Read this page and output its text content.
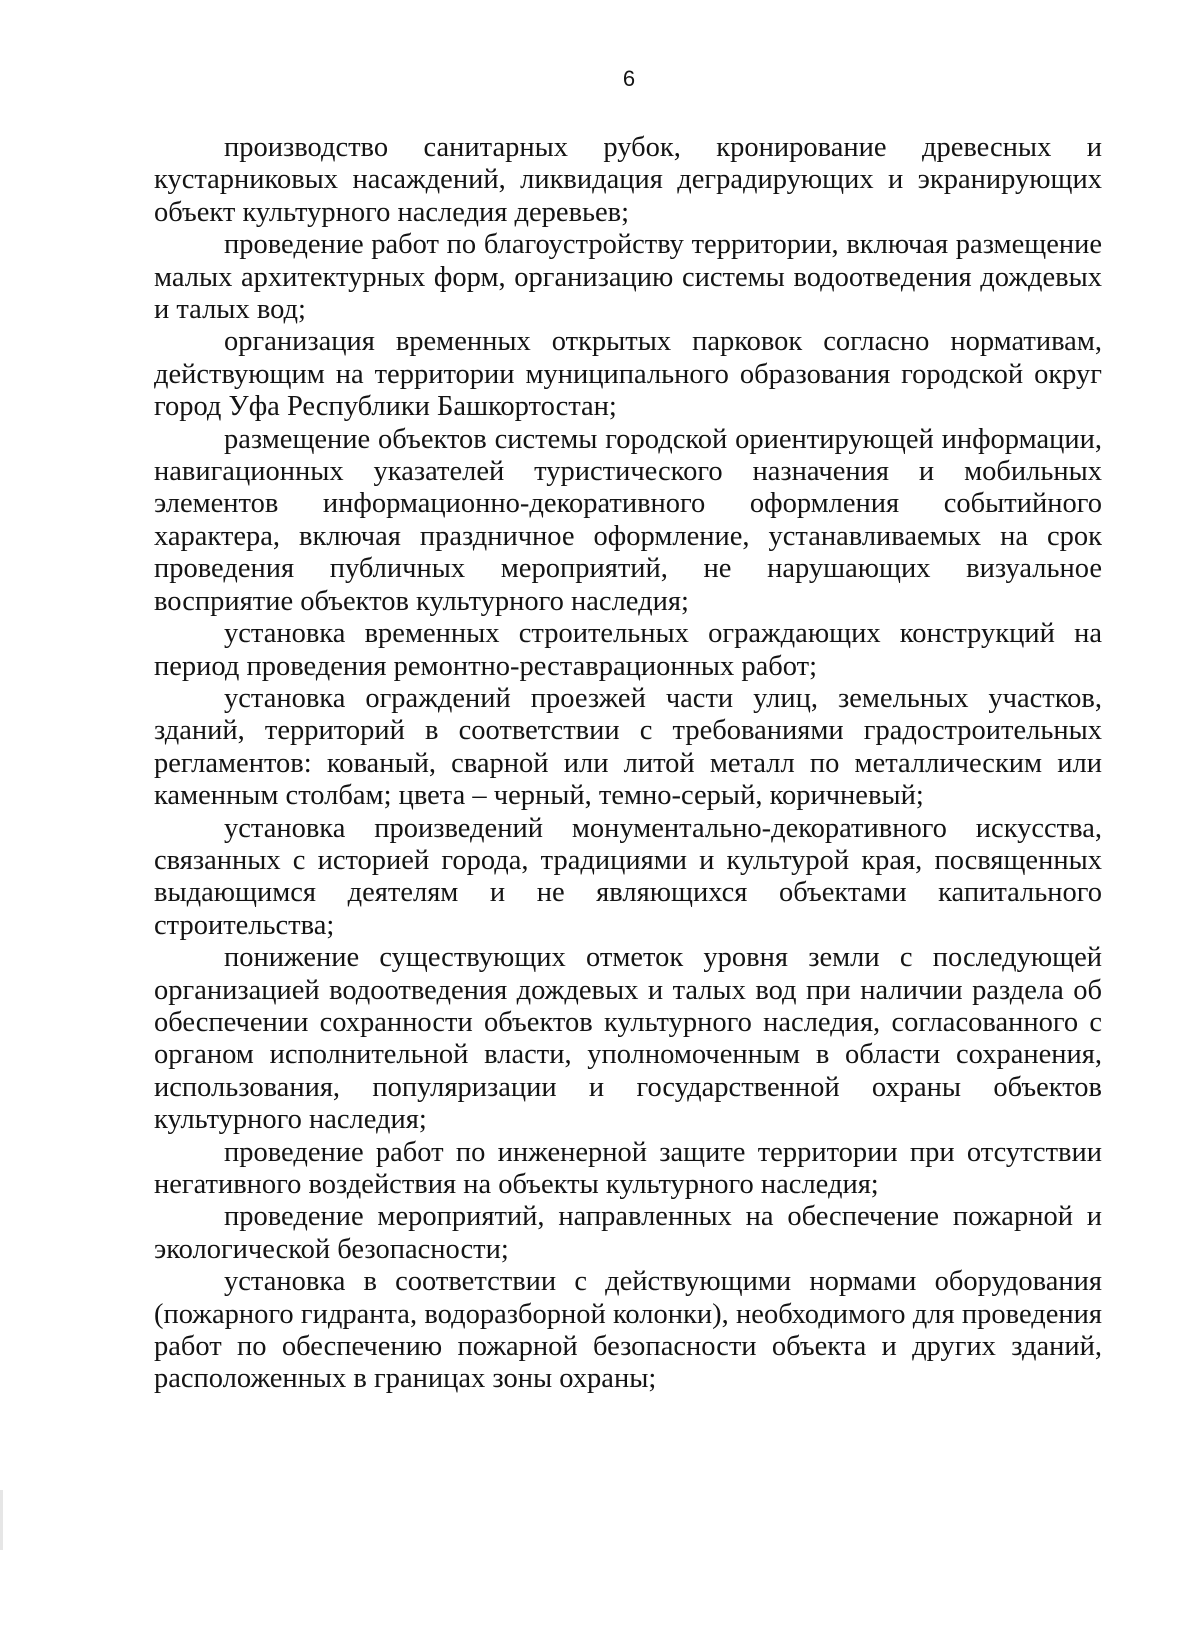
6

производство санитарных рубок, кронирование древесных и кустарниковых насаждений, ликвидация деградирующих и экранирующих объект культурного наследия деревьев;

проведение работ по благоустройству территории, включая размещение малых архитектурных форм, организацию системы водоотведения дождевых и талых вод;

организация временных открытых парковок согласно нормативам, действующим на территории муниципального образования городской округ город Уфа Республики Башкортостан;

размещение объектов системы городской ориентирующей информации, навигационных указателей туристического назначения и мобильных элементов информационно-декоративного оформления событийного характера, включая праздничное оформление, устанавливаемых на срок проведения публичных мероприятий, не нарушающих визуальное восприятие объектов культурного наследия;

установка временных строительных ограждающих конструкций на период проведения ремонтно-реставрационных работ;

установка ограждений проезжей части улиц, земельных участков, зданий, территорий в соответствии с требованиями градостроительных регламентов: кованый, сварной или литой металл по металлическим или каменным столбам; цвета – черный, темно-серый, коричневый;

установка произведений монументально-декоративного искусства, связанных с историей города, традициями и культурой края, посвященных выдающимся деятелям и не являющихся объектами капитального строительства;

понижение существующих отметок уровня земли с последующей организацией водоотведения дождевых и талых вод при наличии раздела об обеспечении сохранности объектов культурного наследия, согласованного с органом исполнительной власти, уполномоченным в области сохранения, использования, популяризации и государственной охраны объектов культурного наследия;

проведение работ по инженерной защите территории при отсутствии негативного воздействия на объекты культурного наследия;

проведение мероприятий, направленных на обеспечение пожарной и экологической безопасности;

установка в соответствии с действующими нормами оборудования (пожарного гидранта, водоразборной колонки), необходимого для проведения работ по обеспечению пожарной безопасности объекта и других зданий, расположенных в границах зоны охраны;
